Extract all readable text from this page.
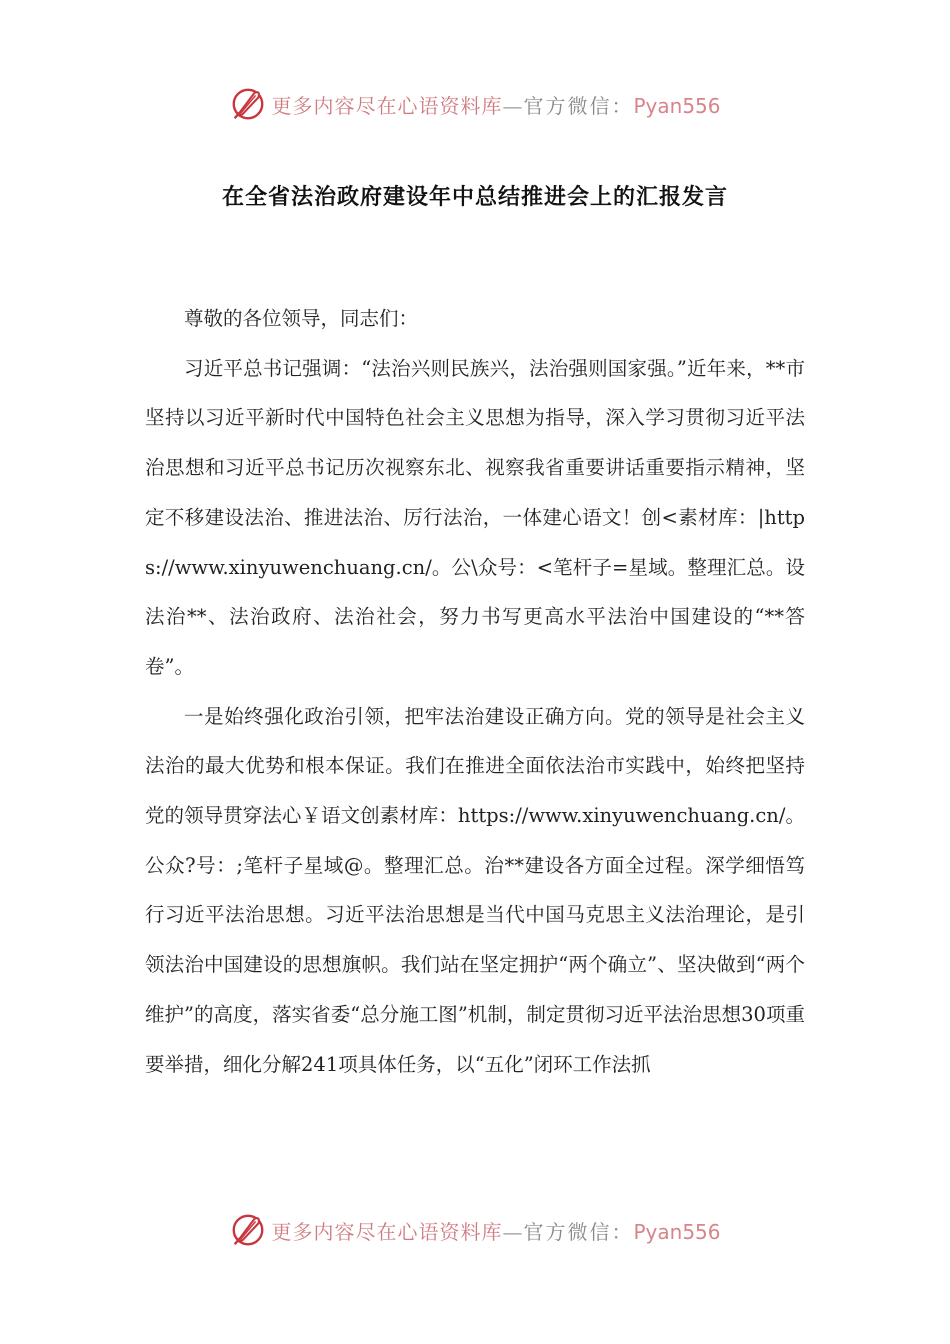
更多内容尽在心语资料库—官方微信：Pyan556
在全省法治政府建设年中总结推进会上的汇报发言

尊敬的各位领导，同志们：

习近平总书记强调：“法治兴则民族兴，法治强则国家强。”近年来，**市坚持以习近平新时代中国特色社会主义思想为指导，深入学习贯彻习近平法治思想和习近平总书记历次视察东北、视察我省重要讲话重要指示精神，坚定不移建设法治、推进法治、厉行法治，一体建心语文！创<素材库：|https://www.xinyuwenchuang.cn/。公\众号：<笔杆子=星域。整理汇总。设法治**、法治政府、法治社会，努力书写更高水平法治中国建设的“**答卷”。

一是始终强化政治引领，把牢法治建设正确方向。党的领导是社会主义法治的最大优势和根本保证。我们在推进全面依法治市实践中，始终把坚持党的领导贯穿法心￥语文创素材库：https://www.xinyuwenchuang.cn/。公众?号：;笔杆子星域@。整理汇总。治**建设各方面全过程。深学细悟笃行习近平法治思想。习近平法治思想是当代中国马克思主义法治理论，是引领法治中国建设的思想旗帜。我们站在坚定拥护“两个确立”、坚决做到“两个维护”的高度，落实省委“总分施工图”机制，制定贯彻习近平法治思想30项重要举措，细化分解241项具体任务，以“五化”闭环工作法抓

更多内容尽在心语资料库—官方微信：Pyan556
